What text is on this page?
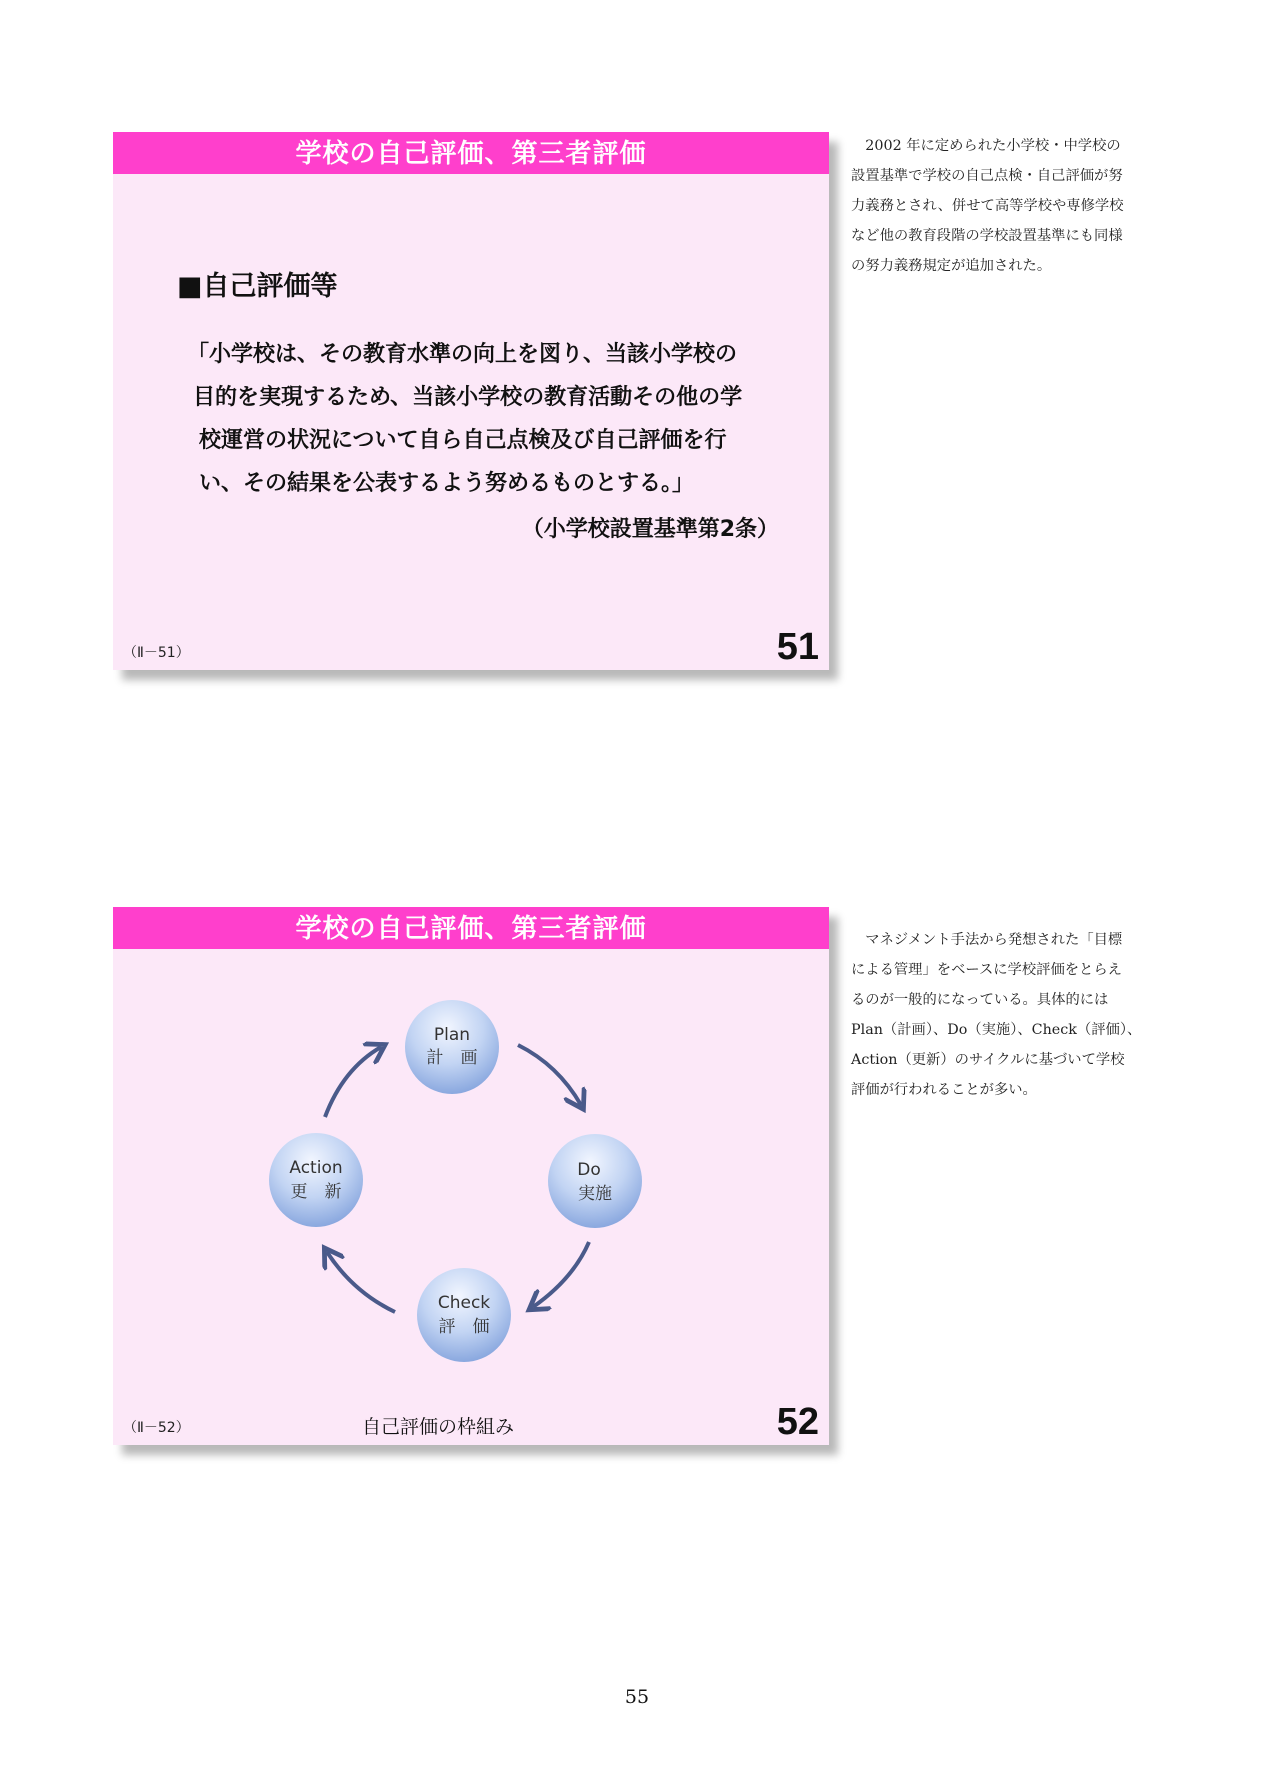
学校の自己評価、第三者評価
■自己評価等
「小学校は、その教育水準の向上を図り、当該小学校の
目的を実現するため、当該小学校の教育活動その他の学
校運営の状況について自ら自己点検及び自己評価を行
い、その結果を公表するよう努めるものとする。」
（小学校設置基準第2条）
（Ⅱ－51）	51
2002 年に定められた小学校・中学校の
設置基準で学校の自己点検・自己評価が努
力義務とされ、併せて高等学校や専修学校
など他の教育段階の学校設置基準にも同様
の努力義務規定が追加された。
学校の自己評価、第三者評価
Plan
計　画
Do
実施
Check
評　価
Action
更　新
自己評価の枠組み
（Ⅱ－52）	52
マネジメント手法から発想された「目標
による管理」をベースに学校評価をとらえ
るのが一般的になっている。具体的には
Plan（計画）、Do（実施）、Check（評価）、
Action（更新）のサイクルに基づいて学校
評価が行われることが多い。
55
